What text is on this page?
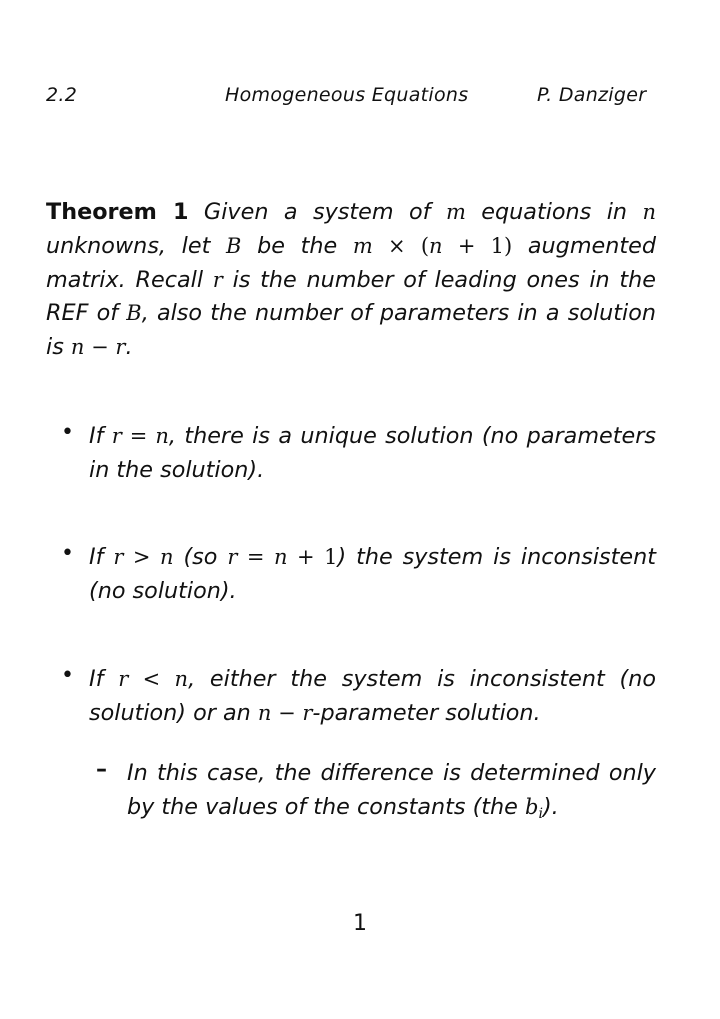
2.2	Homogeneous Equations	P. Danziger
Theorem 1 Given a system of m equations in n unknowns, let B be the m × (n + 1) augmented matrix. Recall r is the number of leading ones in the REF of B, also the number of parameters in a solution is n − r.
• If r = n, there is a unique solution (no parameters in the solution).
• If r > n (so r = n + 1) the system is inconsistent (no solution).
• If r < n, either the system is inconsistent (no solution) or an n − r-parameter solution.
– In this case, the difference is determined only by the values of the constants (the $b_i$).
1
